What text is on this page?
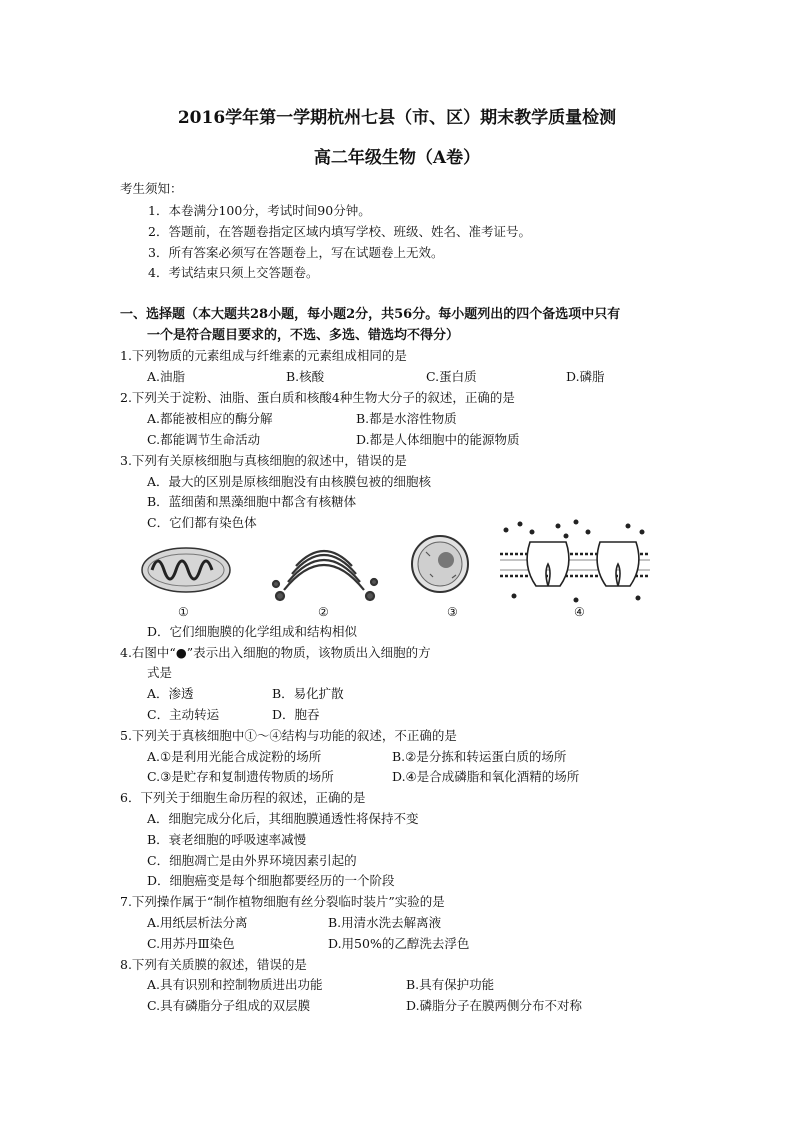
2016学年第一学期杭州七县（市、区）期末教学质量检测
高二年级生物（A卷）
考生须知：
1．本卷满分100分，考试时间90分钟。
2．答题前，在答题卷指定区域内填写学校、班级、姓名、准考证号。
3．所有答案必须写在答题卷上，写在试题卷上无效。
4．考试结束只须上交答题卷。
一、选择题（本大题共28小题，每小题2分，共56分。每小题列出的四个备选项中只有
一个是符合题目要求的，不选、多选、错选均不得分）
1.下列物质的元素组成与纤维素的元素组成相同的是
A.油脂	B.核酸	C.蛋白质	D.磷脂
2.下列关于淀粉、油脂、蛋白质和核酸4种生物大分子的叙述，正确的是
A.都能被相应的酶分解	B.都是水溶性物质
C.都能调节生命活动	D.都是人体细胞中的能源物质
3.下列有关原核细胞与真核细胞的叙述中，错误的是
A．最大的区别是原核细胞没有由核膜包被的细胞核
B．蓝细菌和黑藻细胞中都含有核糖体
C．它们都有染色体
①	②	③	④
D．它们细胞膜的化学组成和结构相似
4.右图中“●”表示出入细胞的物质，该物质出入细胞的方
式是
A．渗透	B．易化扩散
C．主动转运	D．胞吞
5.下列关于真核细胞中①～④结构与功能的叙述，不正确的是
A.①是利用光能合成淀粉的场所	B.②是分拣和转运蛋白质的场所
C.③是贮存和复制遗传物质的场所	D.④是合成磷脂和氧化酒精的场所
6．下列关于细胞生命历程的叙述，正确的是
A．细胞完成分化后，其细胞膜通透性将保持不变
B．衰老细胞的呼吸速率减慢
C．细胞凋亡是由外界环境因素引起的
D．细胞癌变是每个细胞都要经历的一个阶段
7.下列操作属于“制作植物细胞有丝分裂临时装片”实验的是
A.用纸层析法分离	B.用清水洗去解离液
C.用苏丹Ⅲ染色	D.用50%的乙醇洗去浮色
8.下列有关质膜的叙述，错误的是
A.具有识别和控制物质进出功能	B.具有保护功能
C.具有磷脂分子组成的双层膜	D.磷脂分子在膜两侧分布不对称
